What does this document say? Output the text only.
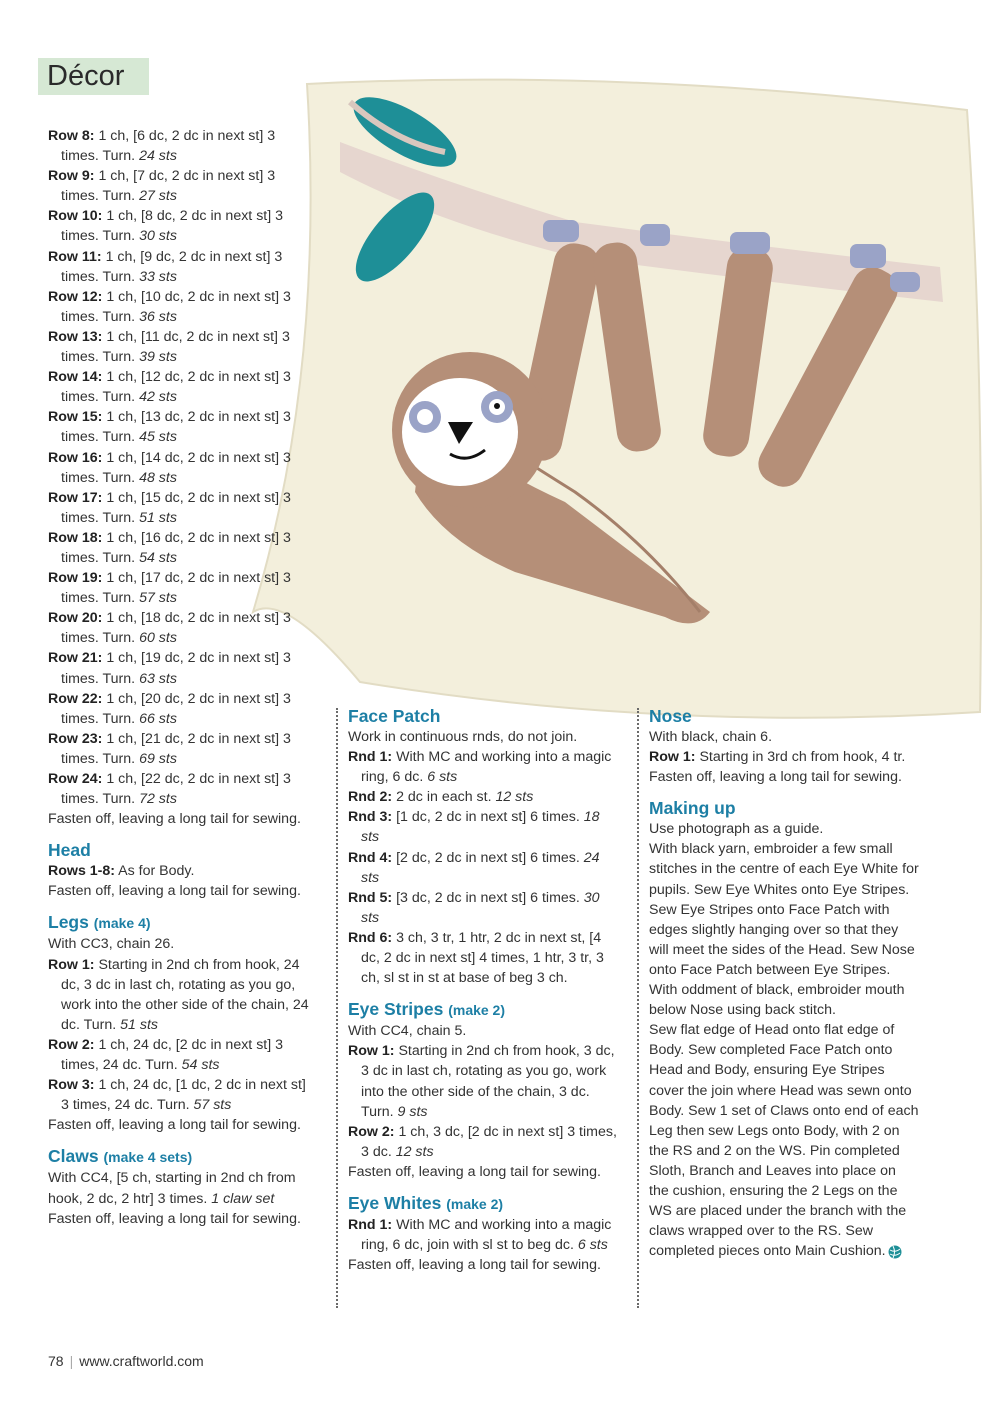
Décor

Row 8: 1 ch, [6 dc, 2 dc in next st] 3 times. Turn. 24 sts

Row 9: 1 ch, [7 dc, 2 dc in next st] 3 times. Turn. 27 sts

Row 10: 1 ch, [8 dc, 2 dc in next st] 3 times. Turn. 30 sts

Row 11: 1 ch, [9 dc, 2 dc in next st] 3 times. Turn. 33 sts

Row 12: 1 ch, [10 dc, 2 dc in next st] 3 times. Turn. 36 sts

Row 13: 1 ch, [11 dc, 2 dc in next st] 3 times. Turn. 39 sts

Row 14: 1 ch, [12 dc, 2 dc in next st] 3 times. Turn. 42 sts

Row 15: 1 ch, [13 dc, 2 dc in next st] 3 times. Turn. 45 sts

Row 16: 1 ch, [14 dc, 2 dc in next st] 3 times. Turn. 48 sts

Row 17: 1 ch, [15 dc, 2 dc in next st] 3 times. Turn. 51 sts

Row 18: 1 ch, [16 dc, 2 dc in next st] 3 times. Turn. 54 sts

Row 19: 1 ch, [17 dc, 2 dc in next st] 3 times. Turn. 57 sts

Row 20: 1 ch, [18 dc, 2 dc in next st] 3 times. Turn. 60 sts

Row 21: 1 ch, [19 dc, 2 dc in next st] 3 times. Turn. 63 sts

Row 22: 1 ch, [20 dc, 2 dc in next st] 3 times. Turn. 66 sts

Row 23: 1 ch, [21 dc, 2 dc in next st] 3 times. Turn. 69 sts

Row 24: 1 ch, [22 dc, 2 dc in next st] 3 times. Turn. 72 sts

Fasten off, leaving a long tail for sewing.

Head

Rows 1-8: As for Body.

Fasten off, leaving a long tail for sewing.

Legs (make 4)

With CC3, chain 26.

Row 1: Starting in 2nd ch from hook, 24 dc, 3 dc in last ch, rotating as you go, work into the other side of the chain, 24 dc. Turn. 51 sts

Row 2: 1 ch, 24 dc, [2 dc in next st] 3 times, 24 dc. Turn. 54 sts

Row 3: 1 ch, 24 dc, [1 dc, 2 dc in next st] 3 times, 24 dc. Turn. 57 sts

Fasten off, leaving a long tail for sewing.

Claws (make 4 sets)

With CC4, [5 ch, starting in 2nd ch from hook, 2 dc, 2 htr] 3 times. 1 claw set

Fasten off, leaving a long tail for sewing.

Face Patch

Work in continuous rnds, do not join.

Rnd 1: With MC and working into a magic ring, 6 dc. 6 sts

Rnd 2: 2 dc in each st. 12 sts

Rnd 3: [1 dc, 2 dc in next st] 6 times. 18 sts

Rnd 4: [2 dc, 2 dc in next st] 6 times. 24 sts

Rnd 5: [3 dc, 2 dc in next st] 6 times. 30 sts

Rnd 6: 3 ch, 3 tr, 1 htr, 2 dc in next st, [4 dc, 2 dc in next st] 4 times, 1 htr, 3 tr, 3 ch, sl st in st at base of beg 3 ch.

Eye Stripes (make 2)

With CC4, chain 5.

Row 1: Starting in 2nd ch from hook, 3 dc, 3 dc in last ch, rotating as you go, work into the other side of the chain, 3 dc. Turn. 9 sts

Row 2: 1 ch, 3 dc, [2 dc in next st] 3 times, 3 dc. 12 sts

Fasten off, leaving a long tail for sewing.

Eye Whites (make 2)

Rnd 1: With MC and working into a magic ring, 6 dc, join with sl st to beg dc. 6 sts

Fasten off, leaving a long tail for sewing.

Nose

With black, chain 6.

Row 1: Starting in 3rd ch from hook, 4 tr.

Fasten off, leaving a long tail for sewing.

Making up

Use photograph as a guide.

With black yarn, embroider a few small stitches in the centre of each Eye White for pupils. Sew Eye Whites onto Eye Stripes. Sew Eye Stripes onto Face Patch with edges slightly hanging over so that they will meet the sides of the Head. Sew Nose onto Face Patch between Eye Stripes. With oddment of black, embroider mouth below Nose using back stitch.

Sew flat edge of Head onto flat edge of Body. Sew completed Face Patch onto Head and Body, ensuring Eye Stripes cover the join where Head was sewn onto Body. Sew 1 set of Claws onto end of each Leg then sew Legs onto Body, with 2 on the RS and 2 on the WS. Pin completed Sloth, Branch and Leaves into place on the cushion, ensuring the 2 Legs on the WS are placed under the branch with the claws wrapped over to the RS. Sew completed pieces onto Main Cushion.

78 | www.craftworld.com
